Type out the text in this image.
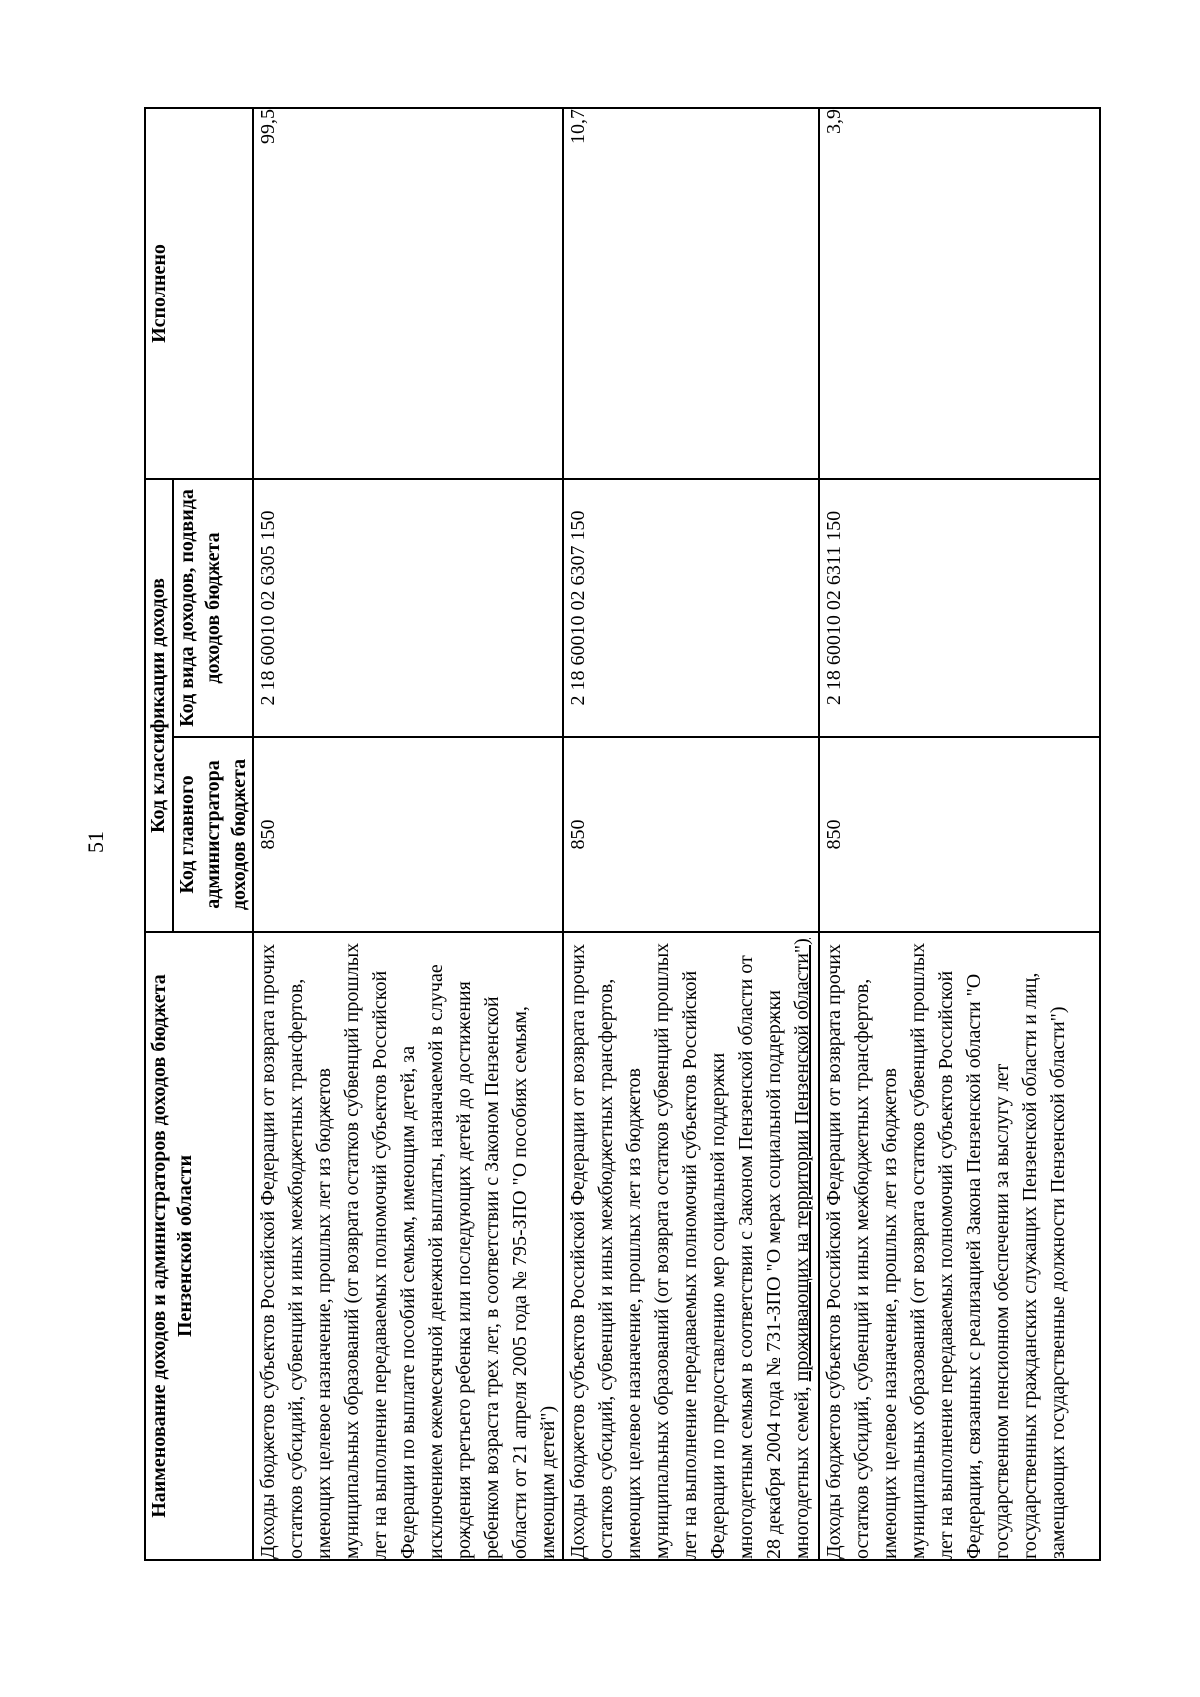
51
Наименование доходов и администраторов доходов бюджета Пензенской области	Код классификации доходов		Исполнено
	Код главного администратора доходов бюджета	Код вида доходов, подвида доходов бюджета	
Доходы бюджетов субъектов Российской Федерации от возврата прочих остатков субсидий, субвенций и иных межбюджетных трансфертов, имеющих целевое назначение, прошлых лет из бюджетов муниципальных образований (от возврата остатков субвенций прошлых лет на выполнение передаваемых полномочий субъектов Российской Федерации по выплате пособий семьям, имеющим детей, за исключением ежемесячной денежной выплаты, назначаемой в случае рождения третьего ребенка или последующих детей до достижения ребенком возраста трех лет, в соответствии с Законом Пензенской области от 21 апреля 2005 года № 795-ЗПО "О пособиях семьям, имеющим детей")	850	2 18 60010 02 6305 150	99,5
Доходы бюджетов субъектов Российской Федерации от возврата прочих остатков субсидий, субвенций и иных межбюджетных трансфертов, имеющих целевое назначение, прошлых лет из бюджетов муниципальных образований (от возврата остатков субвенций прошлых лет на выполнение передаваемых полномочий субъектов Российской Федерации по предоставлению мер социальной поддержки многодетным семьям в соответствии с Законом Пензенской области от 28 декабря 2004 года № 731-ЗПО "О мерах социальной поддержки многодетных семей, проживающих на территории Пензенской области")	850	2 18 60010 02 6307 150	10,7
Доходы бюджетов субъектов Российской Федерации от возврата прочих остатков субсидий, субвенций и иных межбюджетных трансфертов, имеющих целевое назначение, прошлых лет из бюджетов муниципальных образований (от возврата остатков субвенций прошлых лет на выполнение передаваемых полномочий субъектов Российской Федерации, связанных с реализацией Закона Пензенской области "О государственном пенсионном обеспечении за выслугу лет государственных гражданских служащих Пензенской области и лиц, замещающих государственные должности Пензенской области")	850	2 18 60010 02 6311 150	3,9
